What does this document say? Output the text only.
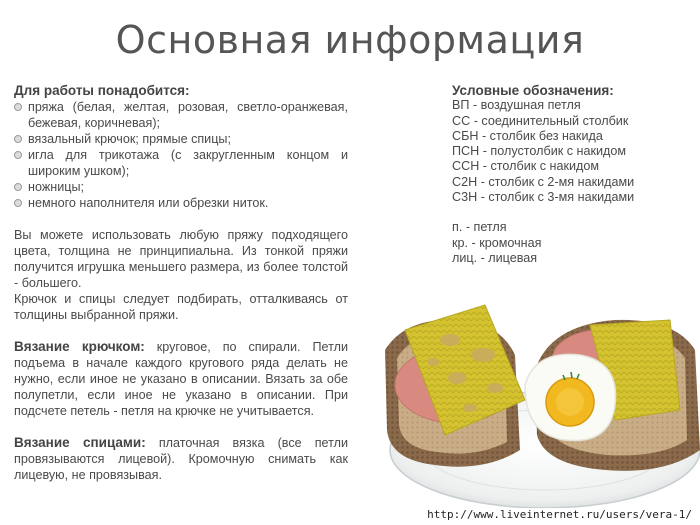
Основная информация
Для работы понадобится:
пряжа (белая, желтая, розовая, светло-оранжевая, бежевая, коричневая);
вязальный крючок; прямые спицы;
игла для трикотажа (с закругленным концом и широким ушком);
ножницы;
немного наполнителя или обрезки ниток.

Вы можете использовать любую пряжу подходящего цвета, толщина не принципиальна. Из тонкой пряжи получится игрушка меньшего размера, из более толстой - большего.

Крючок и спицы следует подбирать, отталкиваясь от толщины выбранной пряжи.

Вязание крючком: круговое, по спирали. Петли подъема в начале каждого кругового ряда делать не нужно, если иное не указано в описании. Вязать за обе полупетли, если иное не указано в описании. При подсчете петель - петля на крючке не учитывается.

Вязание спицами: платочная вязка (все петли провязываются лицевой). Кромочную снимать как лицевую, не провязывая.

Условные обозначения:
ВП - воздушная петля
СС - соединительный столбик
СБН - столбик без накида
ПСН - полустолбик с накидом
ССН - столбик с накидом
С2Н - столбик с 2-мя накидами
С3Н - столбик с 3-мя накидами
п. - петля
кр. - кромочная
лиц. - лицевая
http://www.liveinternet.ru/users/vera-1/
